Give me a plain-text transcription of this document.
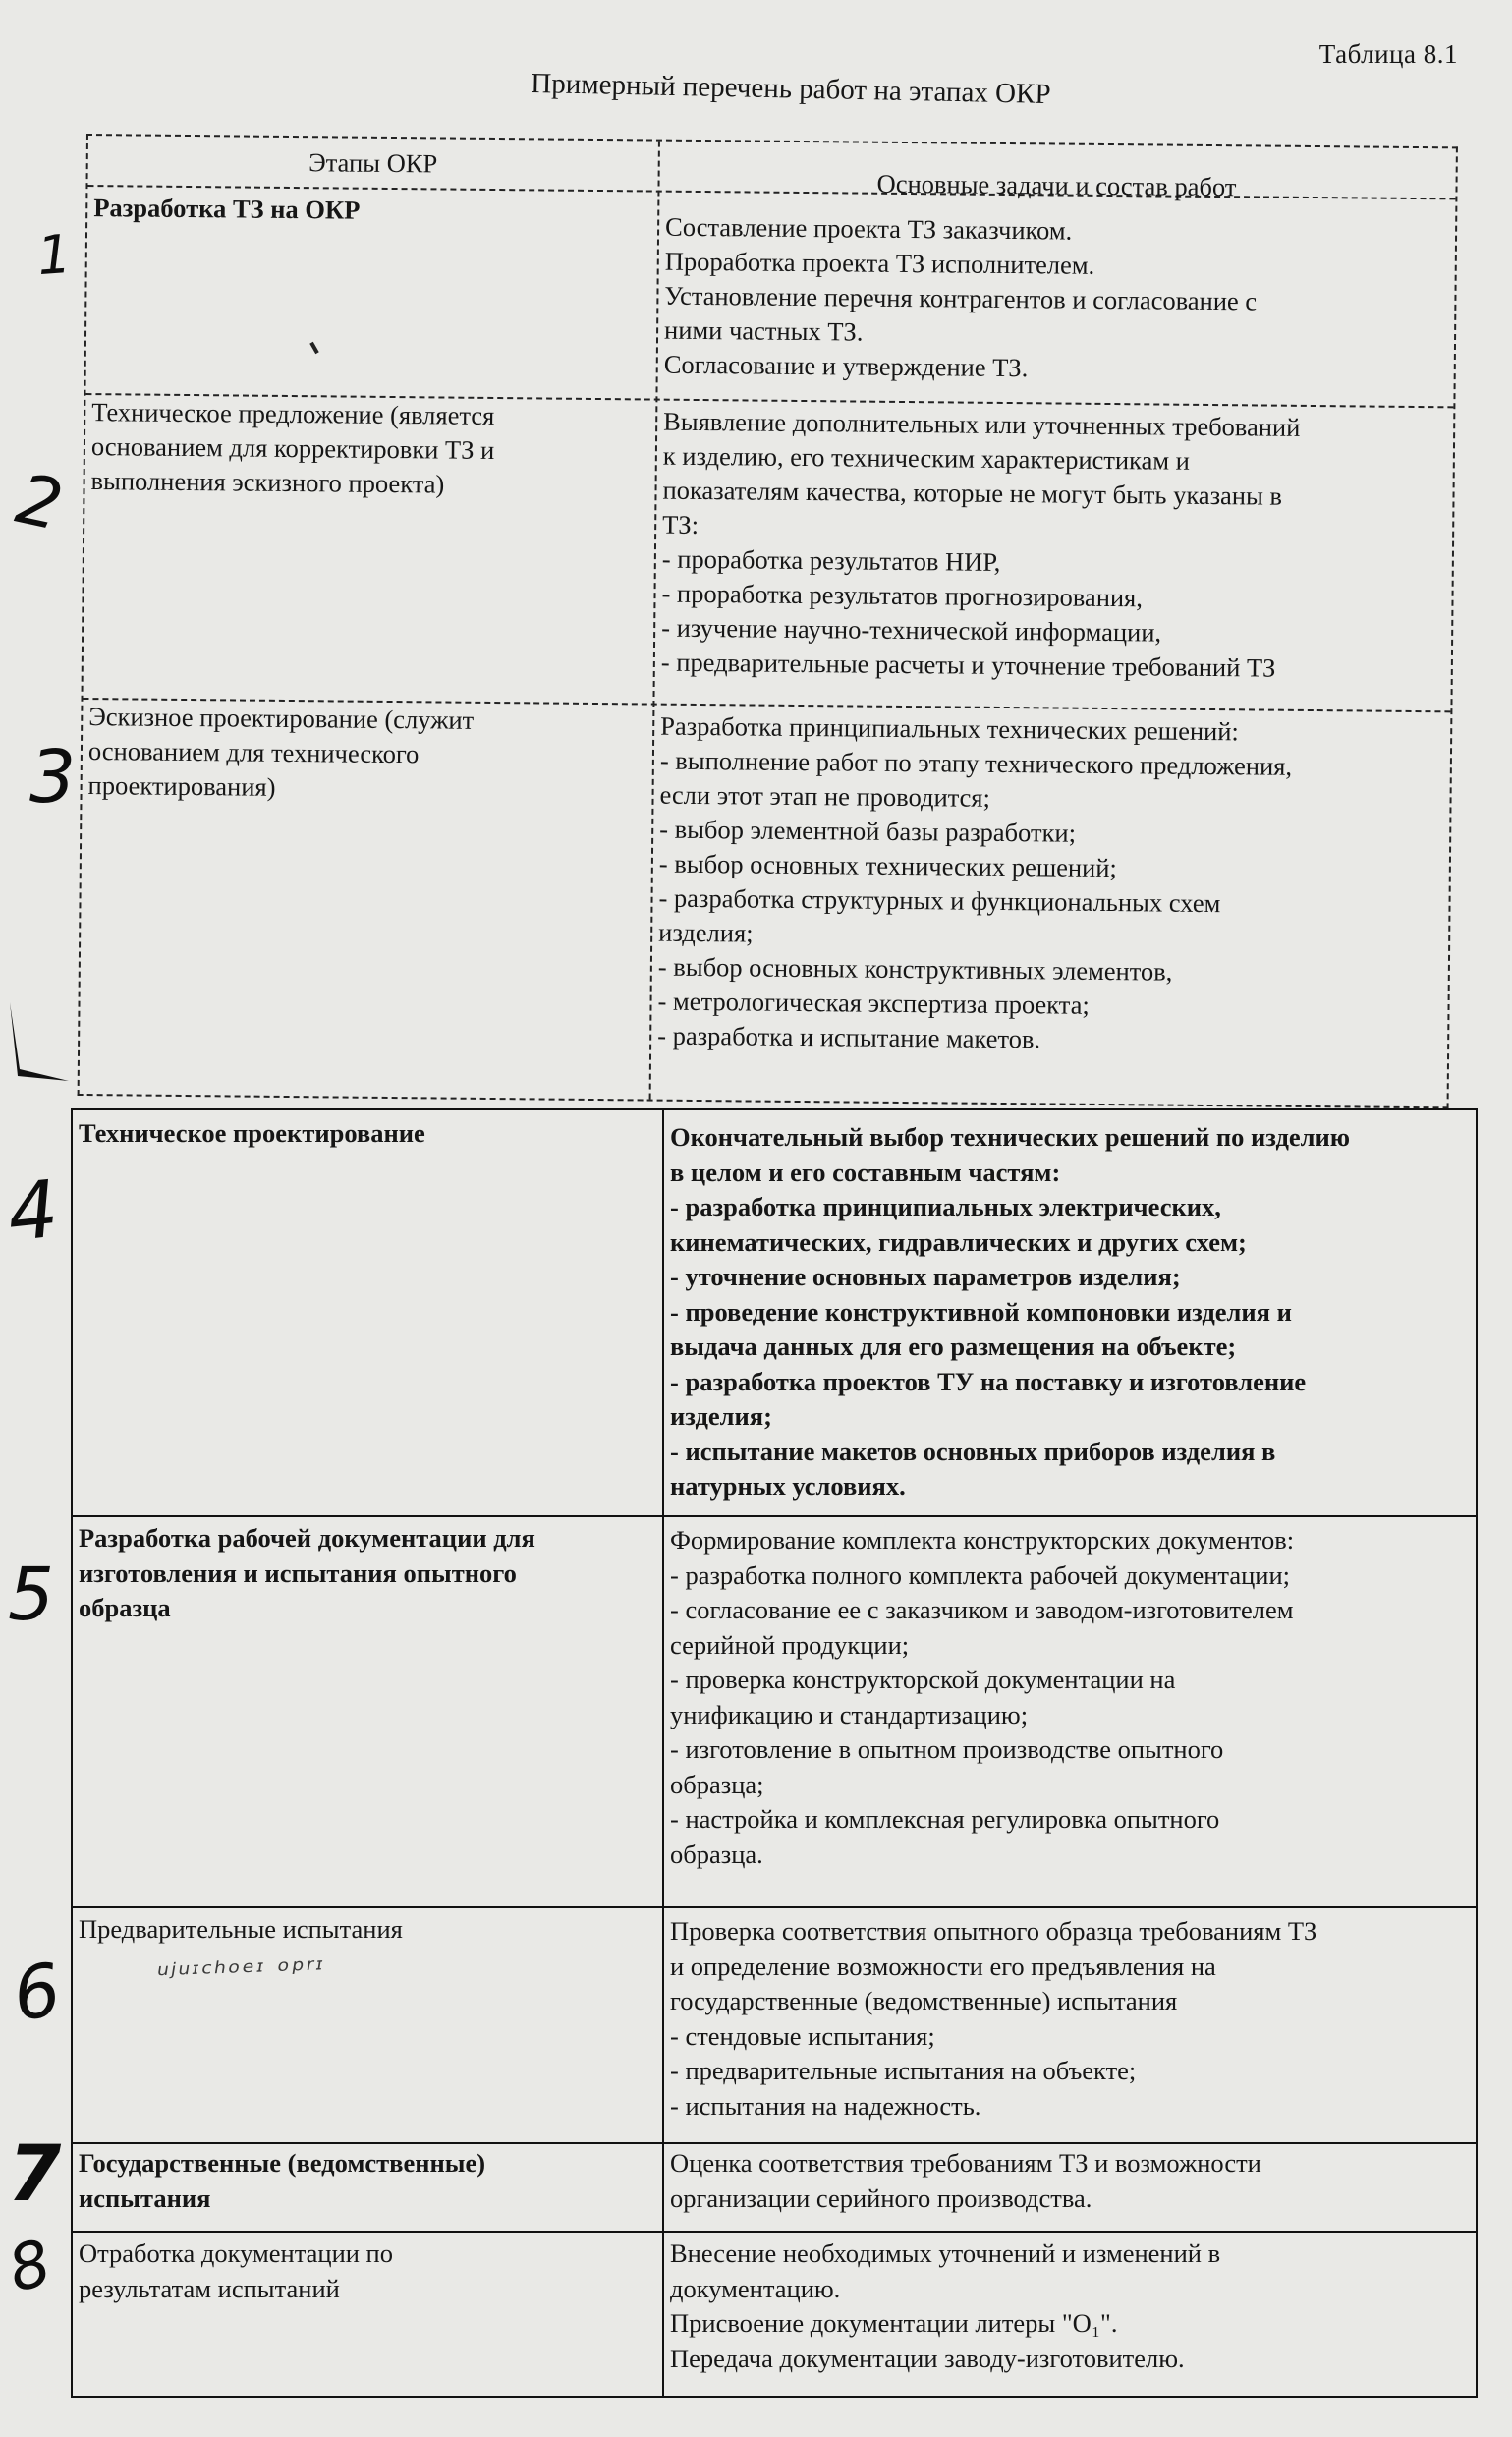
Таблица 8.1
Примерный перечень работ на этапах ОКР
Этапы ОКР
Основные задачи и состав работ
Разработка ТЗ на ОКР
Составление проекта ТЗ заказчиком.
Проработка проекта ТЗ исполнителем.
Установление перечня контрагентов и согласование с
ними частных ТЗ.
Согласование и утверждение ТЗ.
Техническое предложение (является
основанием для корректировки ТЗ и
выполнения эскизного проекта)
Выявление дополнительных или уточненных требований
к изделию, его техническим характеристикам и
показателям качества, которые не могут быть указаны в
ТЗ:
- проработка результатов НИР,
- проработка результатов прогнозирования,
- изучение научно-технической информации,
- предварительные расчеты и уточнение требований ТЗ
Эскизное проектирование (служит
основанием для технического
проектирования)
Разработка принципиальных технических решений:
- выполнение работ по этапу технического предложения,
если этот этап не проводится;
- выбор элементной базы разработки;
- выбор основных технических решений;
- разработка структурных и функциональных схем
изделия;
- выбор основных конструктивных элементов,
- метрологическая экспертиза проекта;
- разработка и испытание макетов.
Техническое проектирование	Окончательный выбор технических решений по изделию
в целом и его составным частям:
- разработка принципиальных электрических,
кинематических, гидравлических и других схем;
- уточнение основных параметров изделия;
- проведение конструктивной компоновки изделия и
выдача данных для его размещения на объекте;
- разработка проектов ТУ на поставку и изготовление
изделия;
- испытание макетов основных приборов изделия в
натурных условиях.
Разработка рабочей документации для
изготовления и испытания опытного
образца
Формирование комплекта конструкторских документов:
- разработка полного комплекта рабочей документации;
- согласование ее с заказчиком и заводом-изготовителем
серийной продукции;
- проверка конструкторской документации на
унификацию и стандартизацию;
- изготовление в опытном производстве опытного
образца;
- настройка и комплексная регулировка опытного
образца.
Предварительные испытания	Проверка соответствия опытного образца требованиям ТЗ
и определение возможности его предъявления на
государственные (ведомственные) испытания
- стендовые испытания;
- предварительные испытания на объекте;
- испытания на надежность.
Государственные (ведомственные)
испытания
Оценка соответствия требованиям ТЗ и возможности
организации серийного производства.
Отработка документации по
результатам испытаний
Внесение необходимых уточнений и изменений в
документацию.
Присвоение документации литеры "О₁".
Передача документации заводу-изготовителю.
1
2
3
4
5
6
7
8
ᵘʲᵘᶦᶜʰᵒᵉᶦ ᵒᵖʳᶦ
